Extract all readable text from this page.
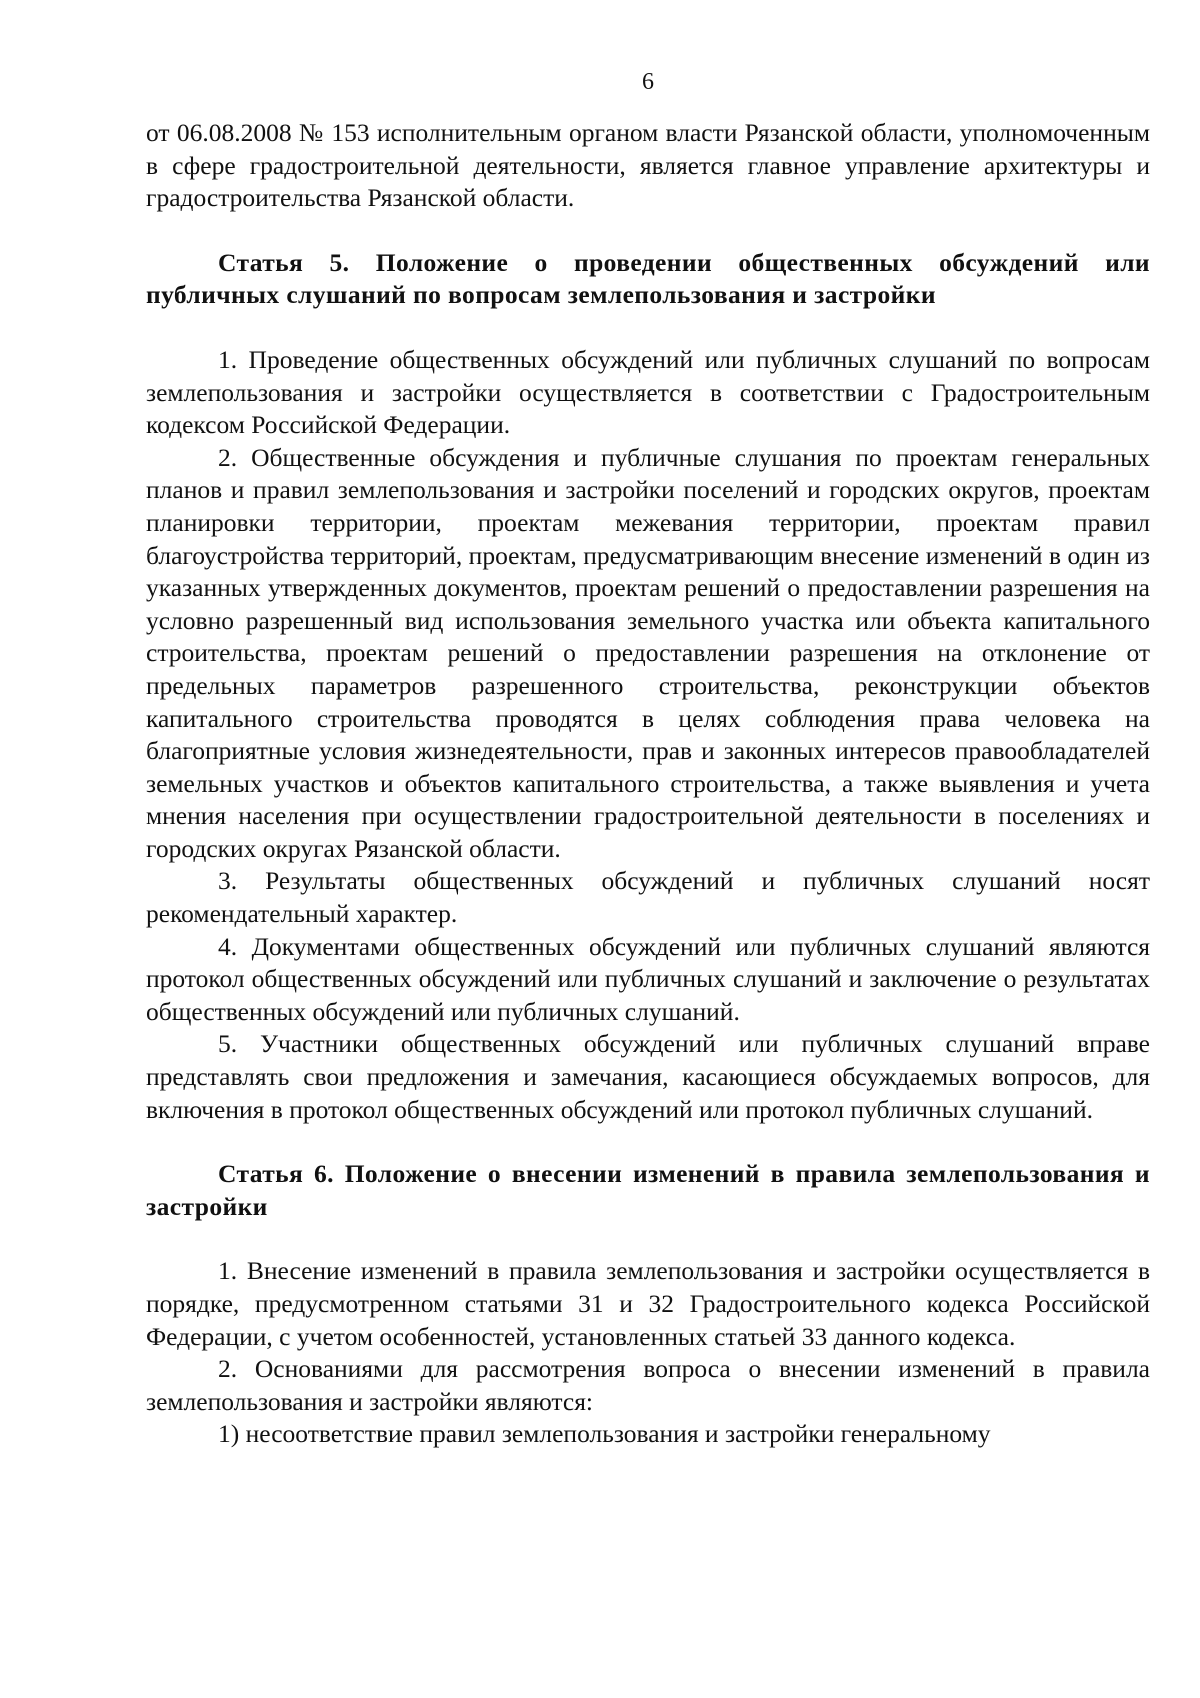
6

от 06.08.2008 № 153 исполнительным органом власти Рязанской области, уполномоченным в сфере градостроительной деятельности, является главное управление архитектуры и градостроительства Рязанской области.

Статья 5. Положение о проведении общественных обсуждений или публичных слушаний по вопросам землепользования и застройки

1. Проведение общественных обсуждений или публичных слушаний по вопросам землепользования и застройки осуществляется в соответствии с Градостроительным кодексом Российской Федерации.

2. Общественные обсуждения и публичные слушания по проектам генеральных планов и правил землепользования и застройки поселений и городских округов, проектам планировки территории, проектам межевания территории, проектам правил благоустройства территорий, проектам, предусматривающим внесение изменений в один из указанных утвержденных документов, проектам решений о предоставлении разрешения на условно разрешенный вид использования земельного участка или объекта капитального строительства, проектам решений о предоставлении разрешения на отклонение от предельных параметров разрешенного строительства, реконструкции объектов капитального строительства проводятся в целях соблюдения права человека на благоприятные условия жизнедеятельности, прав и законных интересов правообладателей земельных участков и объектов капитального строительства, а также выявления и учета мнения населения при осуществлении градостроительной деятельности в поселениях и городских округах Рязанской области.

3. Результаты общественных обсуждений и публичных слушаний носят рекомендательный характер.

4. Документами общественных обсуждений или публичных слушаний являются протокол общественных обсуждений или публичных слушаний и заключение о результатах общественных обсуждений или публичных слушаний.

5. Участники общественных обсуждений или публичных слушаний вправе представлять свои предложения и замечания, касающиеся обсуждаемых вопросов, для включения в протокол общественных обсуждений или протокол публичных слушаний.

Статья 6. Положение о внесении изменений в правила землепользования и застройки

1. Внесение изменений в правила землепользования и застройки осуществляется в порядке, предусмотренном статьями 31 и 32 Градостроительного кодекса Российской Федерации, с учетом особенностей, установленных статьей 33 данного кодекса.

2. Основаниями для рассмотрения вопроса о внесении изменений в правила землепользования и застройки являются:

1) несоответствие правил землепользования и застройки генеральному
